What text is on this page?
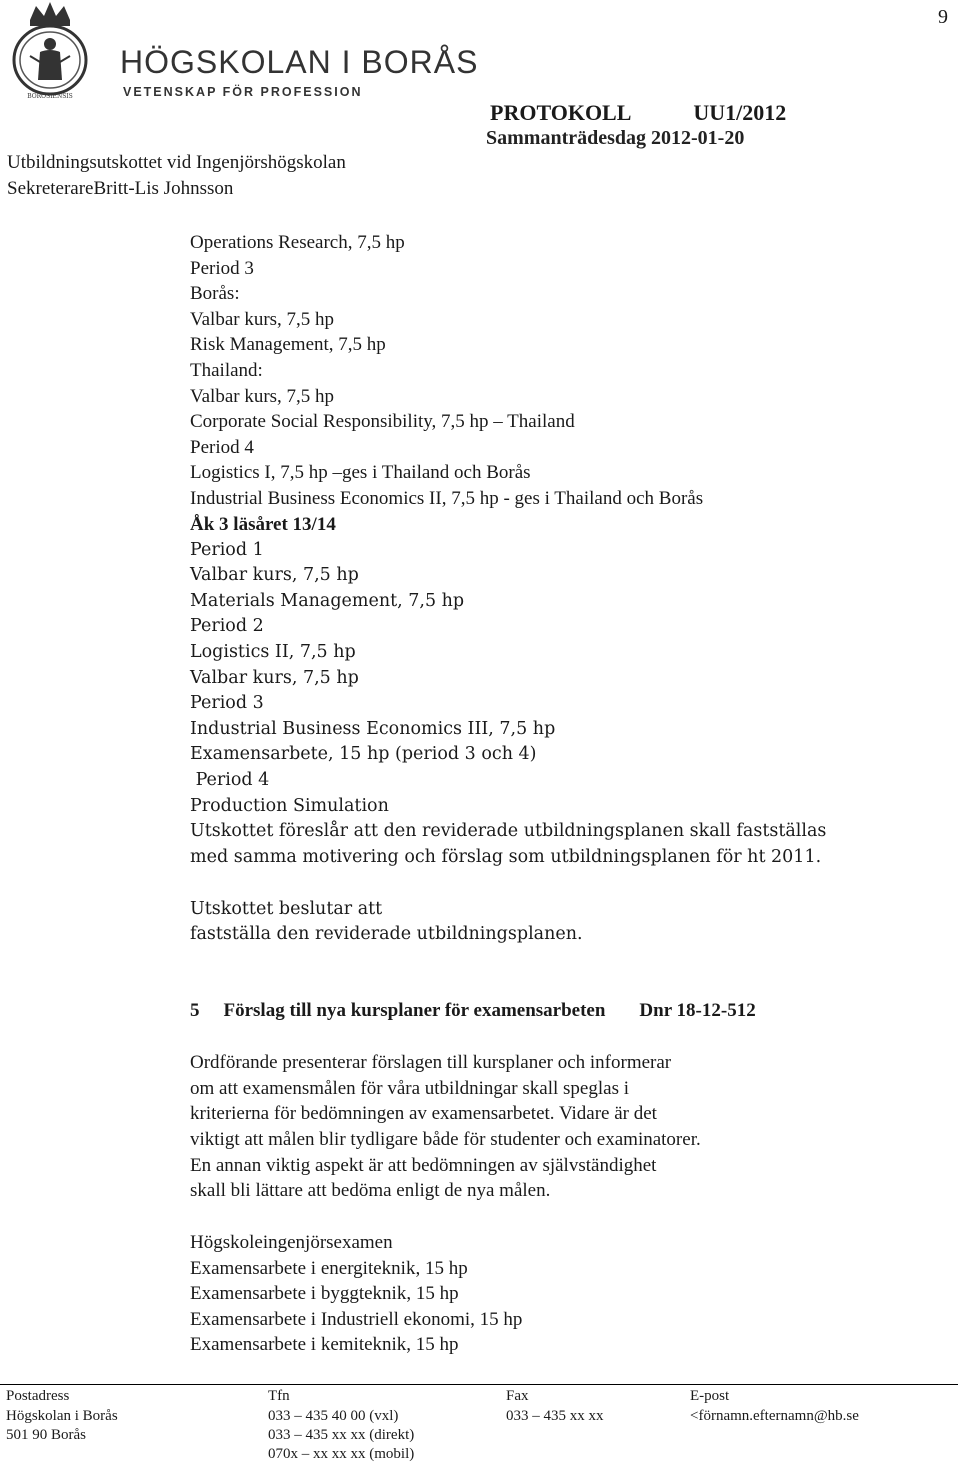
BOROSIENSIS
HÖGSKOLAN I BORÅS
VETENSKAP FÖR PROFESSION
9
PROTOKOLL	UU1/2012
Sammanträdesdag 2012-01-20
Utbildningsutskottet vid Ingenjörshögskolan
SekreterareBritt-Lis Johnsson
Operations Research, 7,5 hp
Period 3
Borås:
Valbar kurs, 7,5 hp
Risk Management, 7,5 hp
Thailand:
Valbar kurs, 7,5 hp
Corporate Social Responsibility, 7,5 hp – Thailand
Period 4
Logistics I, 7,5 hp –ges i Thailand och Borås
Industrial Business Economics II, 7,5 hp - ges i Thailand och Borås
Åk 3 läsåret 13/14
Period 1
Valbar kurs, 7,5 hp
Materials Management, 7,5 hp
Period 2
Logistics II, 7,5 hp
Valbar kurs, 7,5 hp
Period 3
Industrial Business Economics III, 7,5 hp
Examensarbete, 15 hp (period 3 och 4)
Period 4
Production Simulation
Utskottet föreslår att den reviderade utbildningsplanen skall fastställas
med samma motivering och förslag som utbildningsplanen för ht 2011.
Utskottet beslutar att
fastställa den reviderade utbildningsplanen.
5 Förslag till nya kursplaner för examensarbeten Dnr 18-12-512
Ordförande presenterar förslagen till kursplaner och informerar
om att examensmålen för våra utbildningar skall speglas i
kriterierna för bedömningen av examensarbetet. Vidare är det
viktigt att målen blir tydligare både för studenter och examinatorer.
En annan viktig aspekt är att bedömningen av självständighet
skall bli lättare att bedöma enligt de nya målen.
Högskoleingenjörsexamen
Examensarbete i energiteknik, 15 hp
Examensarbete i byggteknik, 15 hp
Examensarbete i Industriell ekonomi, 15 hp
Examensarbete i kemiteknik, 15 hp
Postadress
Högskolan i Borås
501 90 Borås
Tfn
033 – 435 40 00 (vxl)
033 – 435 xx xx (direkt)
070x – xx xx xx (mobil)
Fax
033 – 435 xx xx
E-post
<förnamn.efternamn@hb.se
